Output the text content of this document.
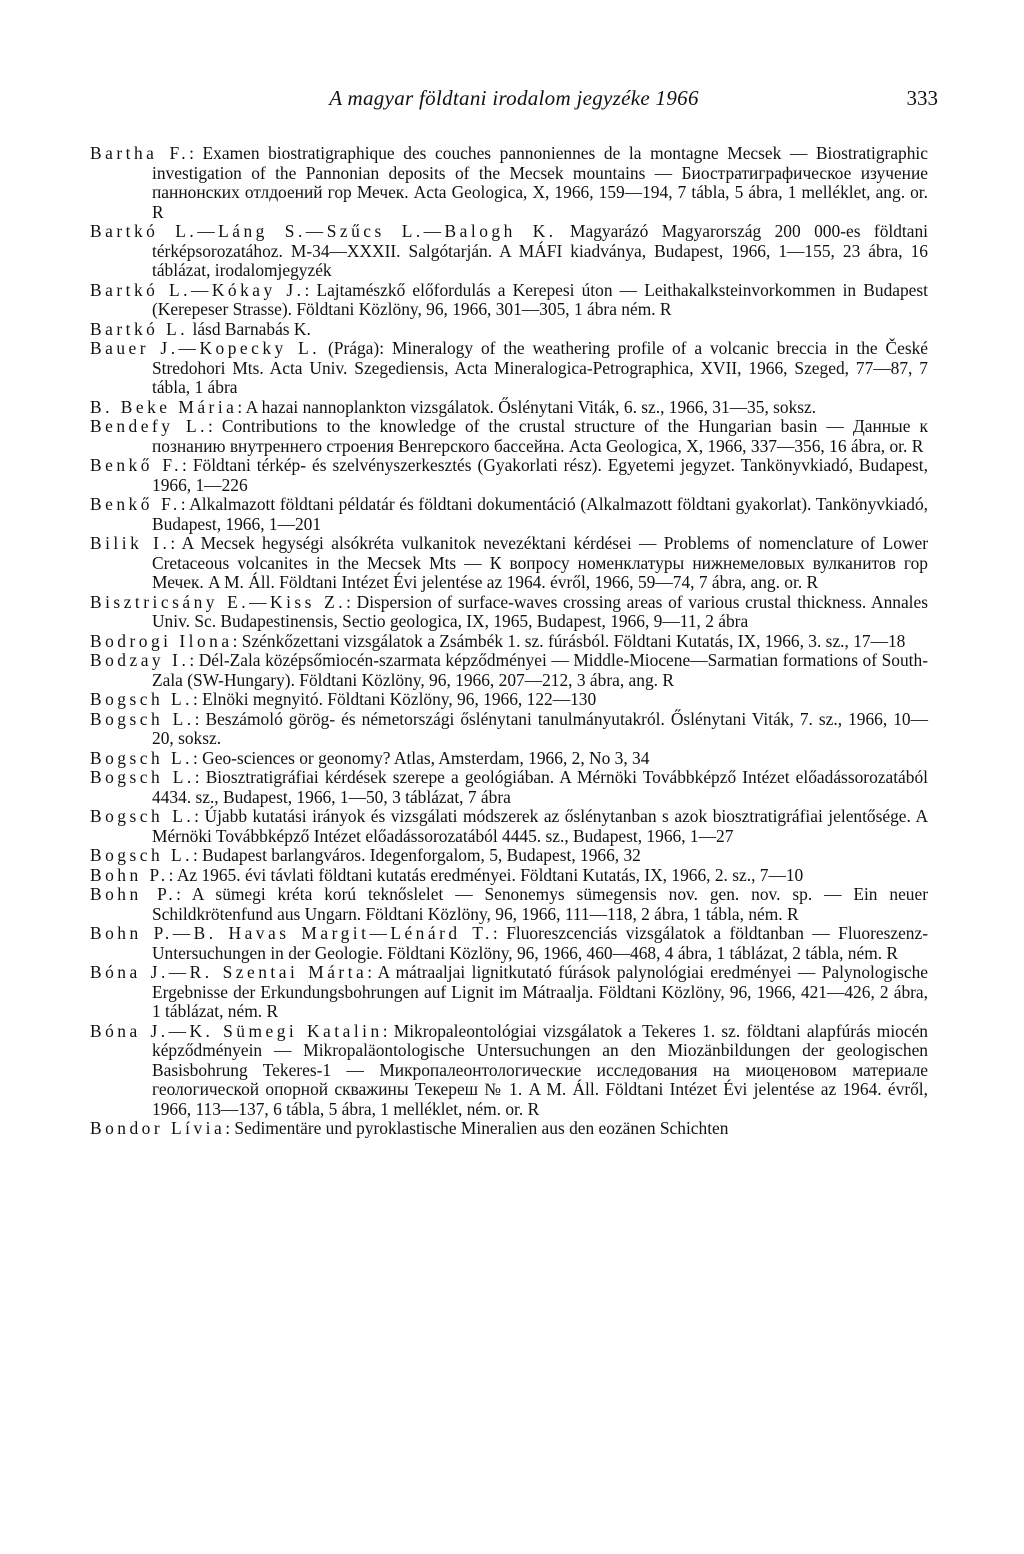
A magyar földtani irodalom jegyzéke 1966	333

Bartha F.: Examen biostratigraphique des couches pannoniennes de la montagne Mecsek — Biostratigraphic investigation of the Pannonian deposits of the Mecsek mountains — Биостратиграфическое изучение паннонских отлдоений гор Мечек. Acta Geologica, X, 1966, 159—194, 7 tábla, 5 ábra, 1 melléklet, ang. or. R

Bartkó L.—Láng S.—Szűcs L.—Balogh K. Magyarázó Magyarország 200 000-es földtani térképsorozatához. M-34—XXXII. Salgótarján. A MÁFI kiadványa, Budapest, 1966, 1—155, 23 ábra, 16 táblázat, irodalomjegyzék

Bartkó L.—Kókay J.: Lajtamészkő előfordulás a Kerepesi úton — Leithakalksteinvorkommen in Budapest (Kerepeser Strasse). Földtani Közlöny, 96, 1966, 301—305, 1 ábra ném. R

Bartkó L. lásd Barnabás K.

Bauer J.—Kopecky L. (Prága): Mineralogy of the weathering profile of a volcanic breccia in the České Stredohori Mts. Acta Univ. Szegediensis, Acta Mineralogica-Petrographica, XVII, 1966, Szeged, 77—87, 7 tábla, 1 ábra

B. Beke Mária: A hazai nannoplankton vizsgálatok. Őslénytani Viták, 6. sz., 1966, 31—35, soksz.

Bendefy L.: Contributions to the knowledge of the crustal structure of the Hungarian basin — Данные к познанию внутреннего строения Венгерского бассейна. Acta Geologica, X, 1966, 337—356, 16 ábra, or. R

Benkő F.: Földtani térkép- és szelvényszerkesztés (Gyakorlati rész). Egyetemi jegyzet. Tankönyvkiadó, Budapest, 1966, 1—226

Benkő F.: Alkalmazott földtani példatár és földtani dokumentáció (Alkalmazott földtani gyakorlat). Tankönyvkiadó, Budapest, 1966, 1—201

Bilik I.: A Mecsek hegységi alsókréta vulkanitok nevezéktani kérdései — Problems of nomenclature of Lower Cretaceous volcanites in the Mecsek Mts — К вопросу номенклатуры нижнемеловых вулканитов гор Мечек. A M. Áll. Földtani Intézet Évi jelentése az 1964. évről, 1966, 59—74, 7 ábra, ang. or. R

Bisztricsány E.—Kiss Z.: Dispersion of surface-waves crossing areas of various crustal thickness. Annales Univ. Sc. Budapestinensis, Sectio geologica, IX, 1965, Budapest, 1966, 9—11, 2 ábra

Bodrogi Ilona: Szénkőzettani vizsgálatok a Zsámbék 1. sz. fúrásból. Földtani Kutatás, IX, 1966, 3. sz., 17—18

Bodzay I.: Dél-Zala középsőmiocén-szarmata képződményei — Middle-Miocene—Sarmatian formations of South-Zala (SW-Hungary). Földtani Közlöny, 96, 1966, 207—212, 3 ábra, ang. R

Bogsch L.: Elnöki megnyitó. Földtani Közlöny, 96, 1966, 122—130

Bogsch L.: Beszámoló görög- és németországi őslénytani tanulmányutakról. Őslénytani Viták, 7. sz., 1966, 10—20, soksz.

Bogsch L.: Geo-sciences or geonomy? Atlas, Amsterdam, 1966, 2, No 3, 34

Bogsch L.: Biosztratigráfiai kérdések szerepe a geológiában. A Mérnöki Továbbképző Intézet előadássorozatából 4434. sz., Budapest, 1966, 1—50, 3 táblázat, 7 ábra

Bogsch L.: Újabb kutatási irányok és vizsgálati módszerek az őslénytanban s azok biosztratigráfiai jelentősége. A Mérnöki Továbbképző Intézet előadássorozatából 4445. sz., Budapest, 1966, 1—27

Bogsch L.: Budapest barlangváros. Idegenforgalom, 5, Budapest, 1966, 32

Bohn P.: Az 1965. évi távlati földtani kutatás eredményei. Földtani Kutatás, IX, 1966, 2. sz., 7—10

Bohn P.: A sümegi kréta korú teknőslelet — Senonemys sümegensis nov. gen. nov. sp. — Ein neuer Schildkrötenfund aus Ungarn. Földtani Közlöny, 96, 1966, 111—118, 2 ábra, 1 tábla, ném. R

Bohn P.—B. Havas Margit—Lénárd T.: Fluoreszcenciás vizsgálatok a földtanban — Fluoreszenz-Untersuchungen in der Geologie. Földtani Közlöny, 96, 1966, 460—468, 4 ábra, 1 táblázat, 2 tábla, ném. R

Bóna J.—R. Szentai Márta: A mátraaljai lignitkutató fúrások palynológiai eredményei — Palynologische Ergebnisse der Erkundungsbohrungen auf Lignit im Mátraalja. Földtani Közlöny, 96, 1966, 421—426, 2 ábra, 1 táblázat, ném. R

Bóna J.—K. Sümegi Katalin: Mikropaleontológiai vizsgálatok a Tekeres 1. sz. földtani alapfúrás miocén képződményein — Mikropaläontologische Untersuchungen an den Miozänbildungen der geologischen Basisbohrung Tekeres-1 — Микропалеонтологические исследования на миоценовом материале геологической опорной скважины Текереш № 1. A M. Áll. Földtani Intézet Évi jelentése az 1964. évről, 1966, 113—137, 6 tábla, 5 ábra, 1 melléklet, ném. or. R

Bondor Lívia: Sedimentäre und pyroklastische Mineralien aus den eozänen Schichten
